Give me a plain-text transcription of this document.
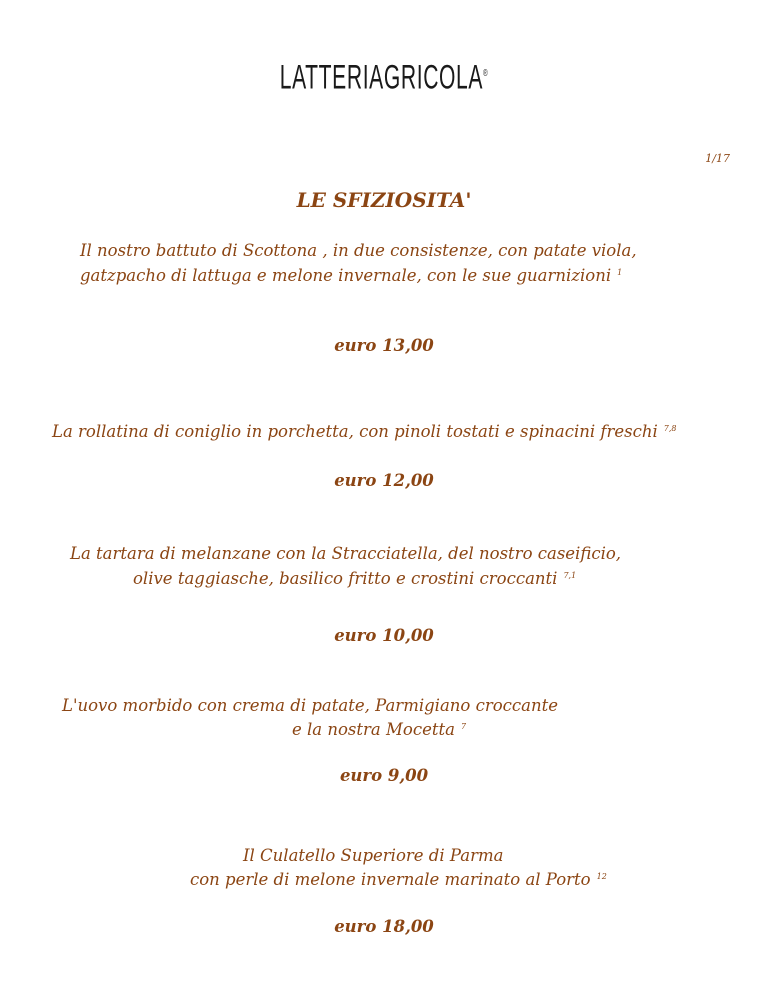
LATTERIAGRICOLA®
1/17
LE SFIZIOSITA'
Il nostro battuto di Scottona , in due consistenze, con patate viola,
gatzpacho di lattuga e melone invernale, con le sue guarnizioni $^1$
euro 13,00
La rollatina di coniglio in porchetta, con pinoli tostati e spinacini freschi $^{7,8}$
euro 12,00
La tartara di melanzane con la Stracciatella, del nostro caseificio,
olive taggiasche, basilico fritto e crostini croccanti $^{7,1}$
euro 10,00
L'uovo morbido con crema di patate, Parmigiano croccante
e la nostra Mocetta $^7$
euro 9,00
Il Culatello Superiore di Parma
con perle di melone invernale marinato al Porto $^{12}$
euro 18,00
